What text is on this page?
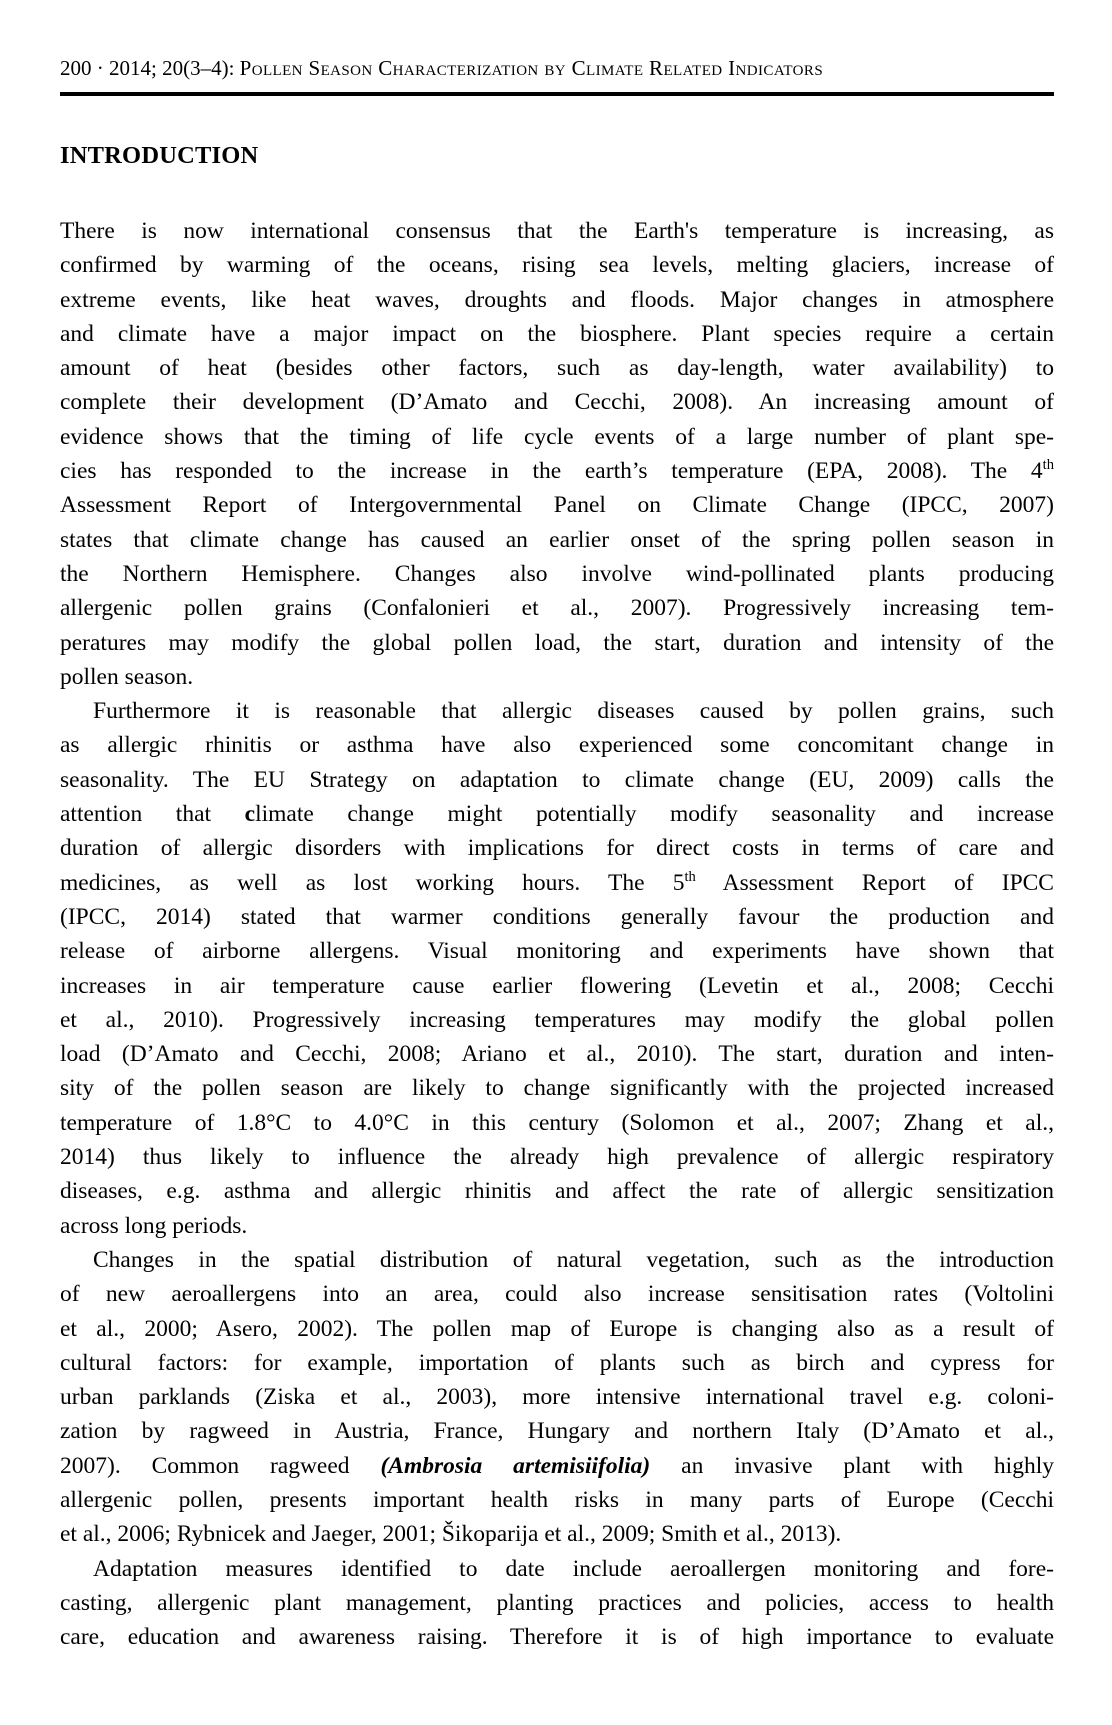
200 · 2014; 20(3–4): Pollen Season Characterization by Climate Related Indicators
INTRODUCTION
There is now international consensus that the Earth's temperature is increasing, as
confirmed by warming of the oceans, rising sea levels, melting glaciers, increase of
extreme events, like heat waves, droughts and floods. Major changes in atmosphere
and climate have a major impact on the biosphere. Plant species require a certain
amount of heat (besides other factors, such as day-length, water availability) to
complete their development (D’Amato and Cecchi, 2008). An increasing amount of
evidence shows that the timing of life cycle events of a large number of plant spe-
cies has responded to the increase in the earth’s temperature (EPA, 2008). The 4th
Assessment Report of Intergovernmental Panel on Climate Change (IPCC, 2007)
states that climate change has caused an earlier onset of the spring pollen season in
the Northern Hemisphere. Changes also involve wind-pollinated plants producing
allergenic pollen grains (Confalonieri et al., 2007). Progressively increasing tem-
peratures may modify the global pollen load, the start, duration and intensity of the
pollen season.
Furthermore it is reasonable that allergic diseases caused by pollen grains, such
as allergic rhinitis or asthma have also experienced some concomitant change in
seasonality. The EU Strategy on adaptation to climate change (EU, 2009) calls the
attention that climate change might potentially modify seasonality and increase
duration of allergic disorders with implications for direct costs in terms of care and
medicines, as well as lost working hours. The 5th Assessment Report of IPCC
(IPCC, 2014) stated that warmer conditions generally favour the production and
release of airborne allergens. Visual monitoring and experiments have shown that
increases in air temperature cause earlier flowering (Levetin et al., 2008; Cecchi
et al., 2010). Progressively increasing temperatures may modify the global pollen
load (D’Amato and Cecchi, 2008; Ariano et al., 2010). The start, duration and inten-
sity of the pollen season are likely to change significantly with the projected increased
temperature of 1.8°C to 4.0°C in this century (Solomon et al., 2007; Zhang et al.,
2014) thus likely to influence the already high prevalence of allergic respiratory
diseases, e.g. asthma and allergic rhinitis and affect the rate of allergic sensitization
across long periods.
Changes in the spatial distribution of natural vegetation, such as the introduction
of new aeroallergens into an area, could also increase sensitisation rates (Voltolini
et al., 2000; Asero, 2002). The pollen map of Europe is changing also as a result of
cultural factors: for example, importation of plants such as birch and cypress for
urban parklands (Ziska et al., 2003), more intensive international travel e.g. coloni-
zation by ragweed in Austria, France, Hungary and northern Italy (D’Amato et al.,
2007). Common ragweed (Ambrosia artemisiifolia) an invasive plant with highly
allergenic pollen, presents important health risks in many parts of Europe (Cecchi
et al., 2006; Rybnicek and Jaeger, 2001; Šikoparija et al., 2009; Smith et al., 2013).
Adaptation measures identified to date include aeroallergen monitoring and fore-
casting, allergenic plant management, planting practices and policies, access to health
care, education and awareness raising. Therefore it is of high importance to evaluate
